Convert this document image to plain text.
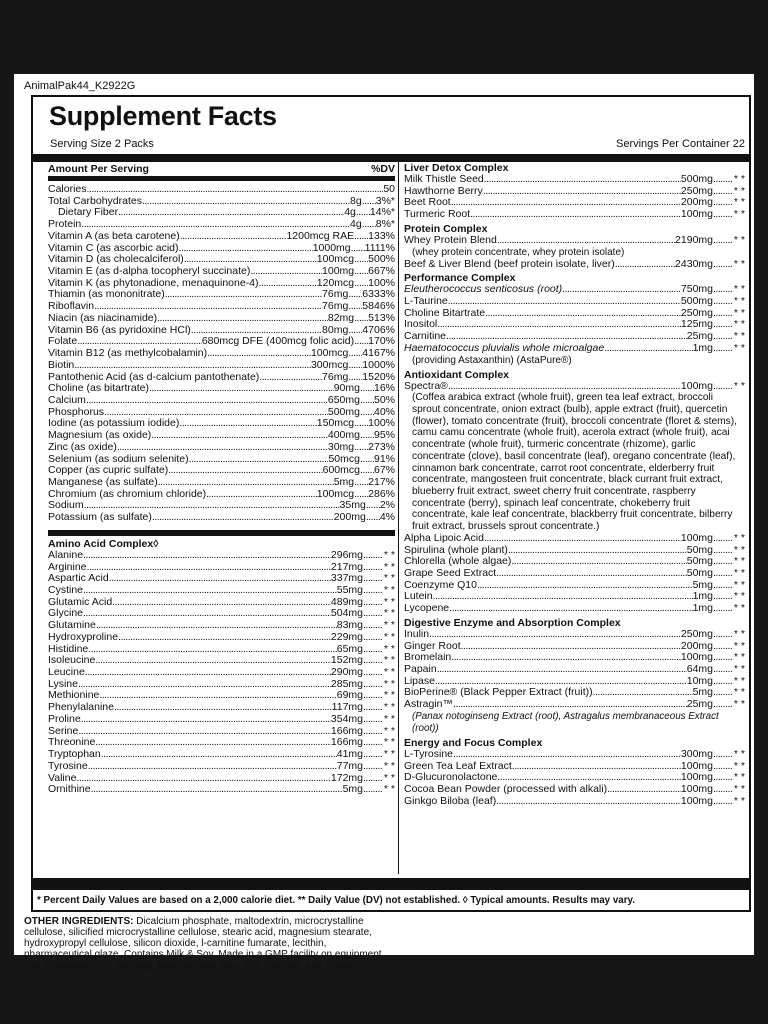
AnimalPak44_K2922G
Supplement Facts
Serving Size 2 Packs	Servings Per Container 22
Amount Per Serving	%DV
Calories .....	50
Total Carbohydrates .....	8g ..... 3%*
Dietary Fiber .....	4g ..... 14%*
Protein .....	4g ..... 8%*
Vitamin A (as beta carotene) .....	1200mcg RAE ..... 133%
Vitamin C (as ascorbic acid) .....	1000mg ..... 1111%
Vitamin D (as cholecalciferol) .....	100mcg ..... 500%
Vitamin E (as d-alpha tocopheryl succinate) .....	100mg ..... 667%
Vitamin K (as phytonadione, menaquinone-4) .....	120mcg ..... 100%
Thiamin (as mononitrate) .....	76mg ..... 6333%
Riboflavin .....	76mg ..... 5846%
Niacin (as niacinamide) .....	82mg ..... 513%
Vitamin B6 (as pyridoxine HCl) .....	80mg ..... 4706%
Folate .....	680mcg DFE (400mcg folic acid) ..... 170%
Vitamin B12 (as methylcobalamin) .....	100mcg ..... 4167%
Biotin .....	300mcg ..... 1000%
Pantothenic Acid (as d-calcium pantothenate) .....	76mg ..... 1520%
Choline (as bitartrate) .....	90mg ..... 16%
Calcium .....	650mg ..... 50%
Phosphorus .....	500mg ..... 40%
Iodine (as potassium iodide) .....	150mcg ..... 100%
Magnesium (as oxide) .....	400mg ..... 95%
Zinc (as oxide) .....	30mg ..... 273%
Selenium (as sodium selenite) .....	50mcg ..... 91%
Copper (as cupric sulfate) .....	600mcg ..... 67%
Manganese (as sulfate) .....	5mg ..... 217%
Chromium (as chromium chloride) .....	100mcg ..... 286%
Sodium .....	35mg ..... 2%
Potassium (as sulfate) .....	200mg ..... 4%
Amino Acid Complex◊
Alanine .....	296mg ..... * *
Arginine .....	217mg ..... * *
Aspartic Acid .....	337mg ..... * *
Cystine .....	55mg ..... * *
Glutamic Acid .....	489mg ..... * *
Glycine .....	504mg ..... * *
Glutamine .....	83mg ..... * *
Hydroxyproline .....	229mg ..... * *
Histidine .....	65mg ..... * *
Isoleucine .....	152mg ..... * *
Leucine .....	290mg ..... * *
Lysine .....	285mg ..... * *
Methionine .....	69mg ..... * *
Phenylalanine .....	117mg ..... * *
Proline .....	354mg ..... * *
Serine .....	166mg ..... * *
Threonine .....	166mg ..... * *
Tryptophan .....	41mg ..... * *
Tyrosine .....	77mg ..... * *
Valine .....	172mg ..... * *
Ornithine .....	5mg ..... * *
Liver Detox Complex
Milk Thistle Seed .....	500mg ..... * *
Hawthorne Berry .....	250mg ..... * *
Beet Root .....	200mg ..... * *
Turmeric Root .....	100mg ..... * *
Protein Complex
Whey Protein Blend .....	2190mg ..... * *
(whey protein concentrate, whey protein isolate)
Beef & Liver Blend (beef protein isolate, liver) .....	2430mg ..... * *
Performance Complex
Eleutherococcus senticosus (root) .....	750mg ..... * *
L-Taurine .....	500mg ..... * *
Choline Bitartrate .....	250mg ..... * *
Inositol .....	125mg ..... * *
Carnitine .....	25mg ..... * *
Haematococcus pluvialis whole microalgae .....	1mg ..... * *
(providing Astaxanthin) (AstaPure®)
Antioxidant Complex
Spectra® .....	100mg ..... * *
(Coffea arabica extract (whole fruit), green tea leaf extract, broccoli sprout concentrate, onion extract (bulb), apple extract (fruit), quercetin (flower), tomato concentrate (fruit), broccoli concentrate (floret & stems), camu camu concentrate (whole fruit), acerola extract (whole fruit), acai concentrate (whole fruit), turmeric concentrate (rhizome), garlic concentrate (clove), basil concentrate (leaf), oregano concentrate (leaf), cinnamon bark concentrate, carrot root concentrate, elderberry fruit concentrate, mangosteen fruit concentrate, black currant fruit extract, blueberry fruit extract, sweet cherry fruit concentrate, raspberry concentrate (berry), spinach leaf concentrate, chokeberry fruit concentrate, kale leaf concentrate, blackberry fruit concentrate, bilberry fruit extract, brussels sprout concentrate.)
Alpha Lipoic Acid .....	100mg ..... * *
Spirulina (whole plant) .....	50mg ..... * *
Chlorella (whole algae) .....	50mg ..... * *
Grape Seed Extract .....	50mg ..... * *
Coenzyme Q10 .....	5mg ..... * *
Lutein .....	1mg ..... * *
Lycopene .....	1mg ..... * *
Digestive Enzyme and Absorption Complex
Inulin .....	250mg ..... * *
Ginger Root .....	200mg ..... * *
Bromelain .....	100mg ..... * *
Papain .....	64mg ..... * *
Lipase .....	10mg ..... * *
BioPerine® (Black Pepper Extract (fruit)) .....	5mg ..... * *
Astragin™ .....	25mg ..... * *
(Panax notoginseng Extract (root), Astragalus membranaceous Extract (root))
Energy and Focus Complex
L-Tyrosine .....	300mg ..... * *
Green Tea Leaf Extract .....	100mg ..... * *
D-Glucuronolactone .....	100mg ..... * *
Cocoa Bean Powder (processed with alkali) .....	100mg ..... * *
Ginkgo Biloba (leaf) .....	100mg ..... * *
* Percent Daily Values are based on a 2,000 calorie diet. ** Daily Value (DV) not established. ◊ Typical amounts. Results may vary.
OTHER INGREDIENTS: Dicalcium phosphate, maltodextrin, microcrystalline cellulose, silicified microcrystalline cellulose, stearic acid, magnesium stearate, hydroxypropyl cellulose, silicon dioxide, l-carnitine fumarate, lecithin, pharmaceutical glaze. Contains Milk & Soy. Made in a GMP facility on equipment that processes milk, soy, egg, peanuts, tree nuts, fish, shellfish, and wheat.
